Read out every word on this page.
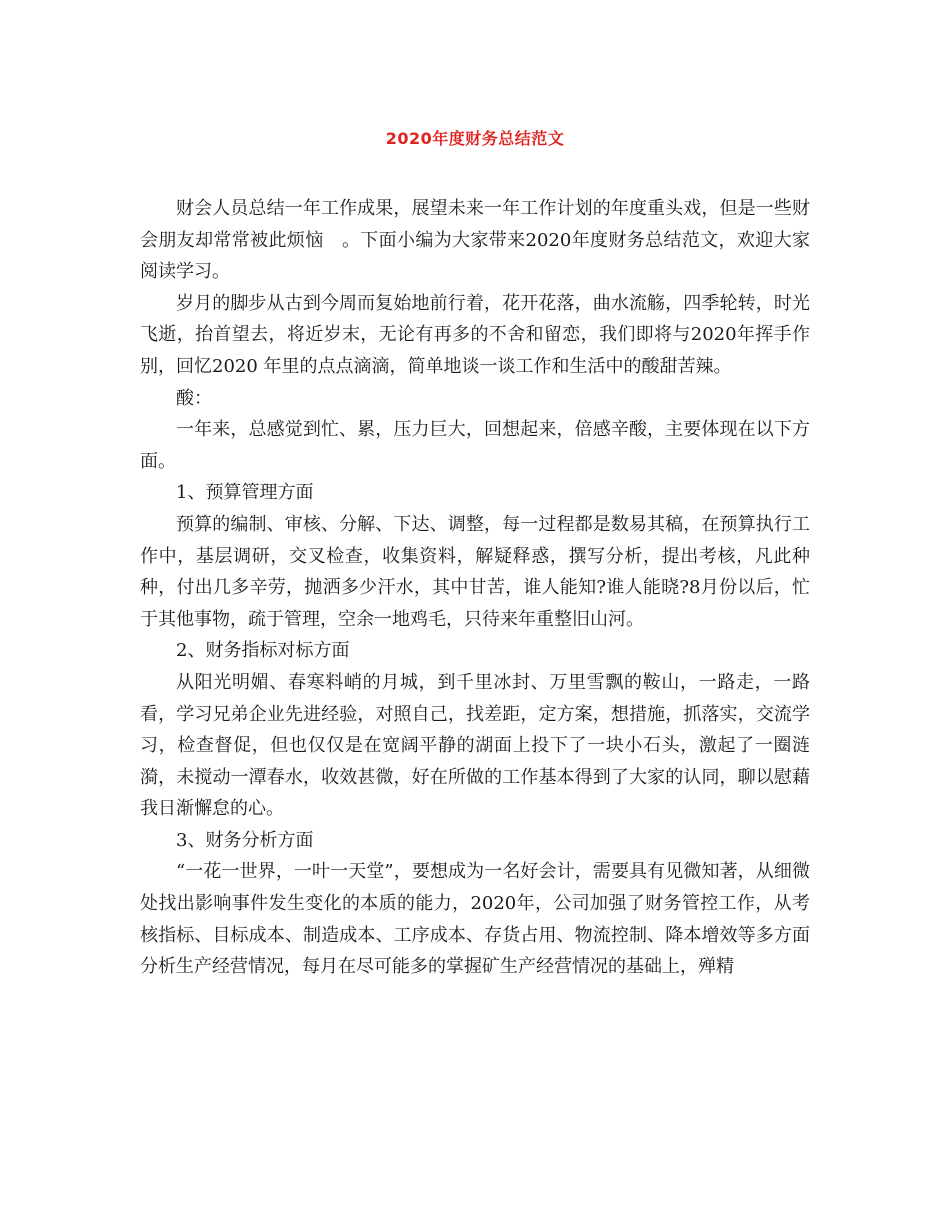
2020年度财务总结范文

财会人员总结一年工作成果，展望未来一年工作计划的年度重头戏，但是一些财会朋友却常常被此烦恼　。下面小编为大家带来2020年度财务总结范文，欢迎大家阅读学习。

岁月的脚步从古到今周而复始地前行着，花开花落，曲水流觞，四季轮转，时光飞逝，抬首望去，将近岁末，无论有再多的不舍和留恋，我们即将与2020年挥手作别，回忆2020 年里的点点滴滴，简单地谈一谈工作和生活中的酸甜苦辣。

酸：

一年来，总感觉到忙、累，压力巨大，回想起来，倍感辛酸，主要体现在以下方面。

1、预算管理方面

预算的编制、审核、分解、下达、调整，每一过程都是数易其稿，在预算执行工作中，基层调研，交叉检查，收集资料，解疑释惑，撰写分析，提出考核，凡此种种，付出几多辛劳，抛洒多少汗水，其中甘苦，谁人能知?谁人能晓?8月份以后，忙于其他事物，疏于管理，空余一地鸡毛，只待来年重整旧山河。

2、财务指标对标方面

从阳光明媚、春寒料峭的月城，到千里冰封、万里雪飘的鞍山，一路走，一路看，学习兄弟企业先进经验，对照自己，找差距，定方案，想措施，抓落实，交流学习，检查督促，但也仅仅是在宽阔平静的湖面上投下了一块小石头，激起了一圈涟漪，未搅动一潭春水，收效甚微，好在所做的工作基本得到了大家的认同，聊以慰藉我日渐懈怠的心。

3、财务分析方面

“一花一世界，一叶一天堂”，要想成为一名好会计，需要具有见微知著，从细微处找出影响事件发生变化的本质的能力，2020年，公司加强了财务管控工作，从考核指标、目标成本、制造成本、工序成本、存货占用、物流控制、降本增效等多方面分析生产经营情况，每月在尽可能多的掌握矿生产经营情况的基础上，殚精
